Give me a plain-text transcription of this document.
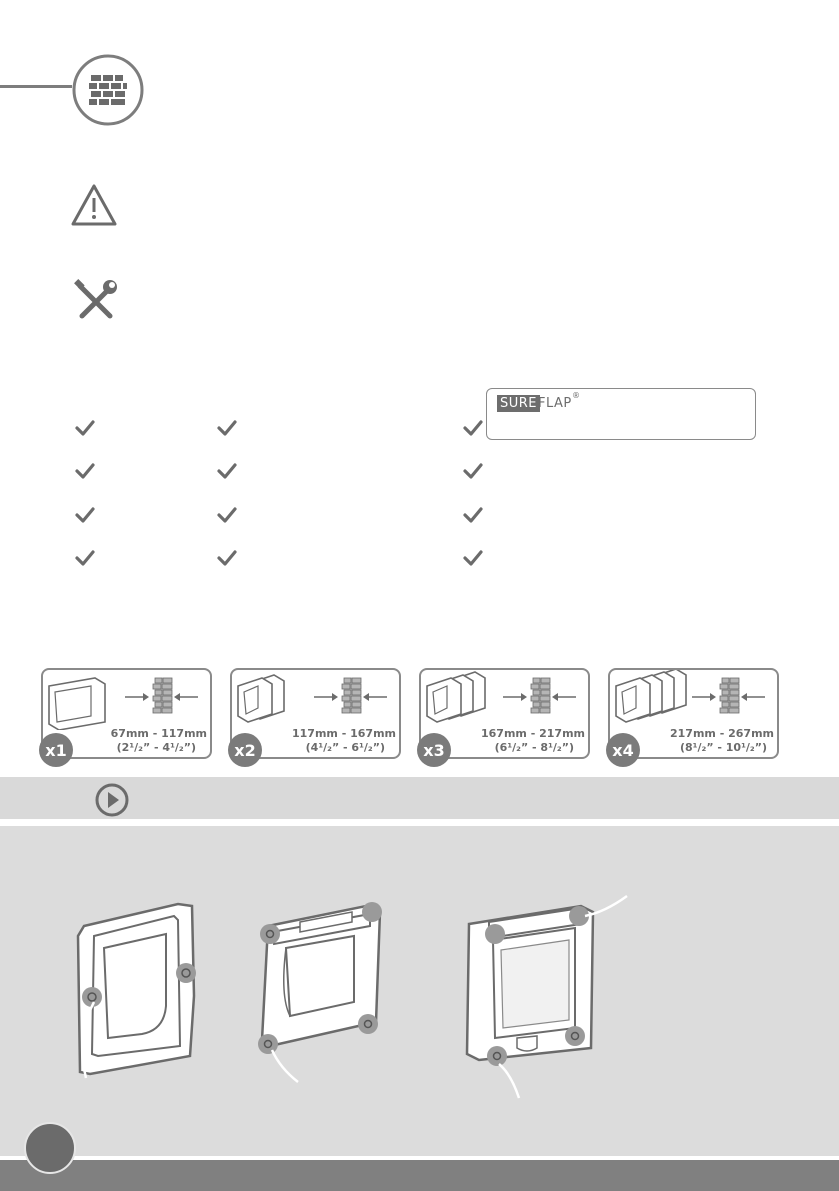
SURE FLAP
®
67mm - 117mm
(2¹/₂” - 4¹/₂”)
x1
117mm - 167mm
(4¹/₂” - 6¹/₂”)
x2
167mm - 217mm
(6¹/₂” - 8¹/₂”)
x3
217mm - 267mm
(8¹/₂” - 10¹/₂”)
x4
